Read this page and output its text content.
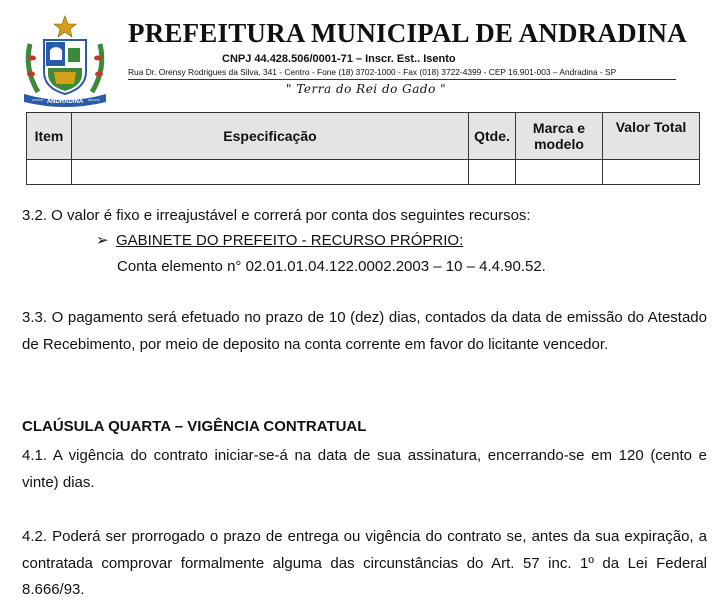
ANDRADINA
11/12/37	30/12/38
PREFEITURA MUNICIPAL DE ANDRADINA
CNPJ 44.428.506/0001-71 – Inscr. Est.. Isento
Rua Dr. Orensy Rodrigues da Silva, 341 - Centro - Fone (18) 3702-1000 - Fax (018) 3722-4399 - CEP 16.901-003 – Andradina - SP
" Terra do Rei do Gado "
Item	Especificação	Qtde.	Marca e modelo	Valor Total

3.2. O valor é fixo e irreajustável e correrá por conta dos seguintes recursos:
➢ GABINETE DO PREFEITO - RECURSO PRÓPRIO:
Conta elemento n° 02.01.01.04.122.0002.2003 – 10 – 4.4.90.52.
3.3. O pagamento será efetuado no prazo de 10 (dez) dias, contados da data de emissão do Atestado de Recebimento, por meio de deposito na conta corrente em favor do licitante vencedor.
CLAÚSULA QUARTA – VIGÊNCIA CONTRATUAL
4.1. A vigência do contrato iniciar-se-á na data de sua assinatura, encerrando-se em 120 (cento e vinte) dias.
4.2. Poderá ser prorrogado o prazo de entrega ou vigência do contrato se, antes da sua expiração, a contratada comprovar formalmente alguma das circunstâncias do Art. 57 inc. 1º da Lei Federal 8.666/93.
